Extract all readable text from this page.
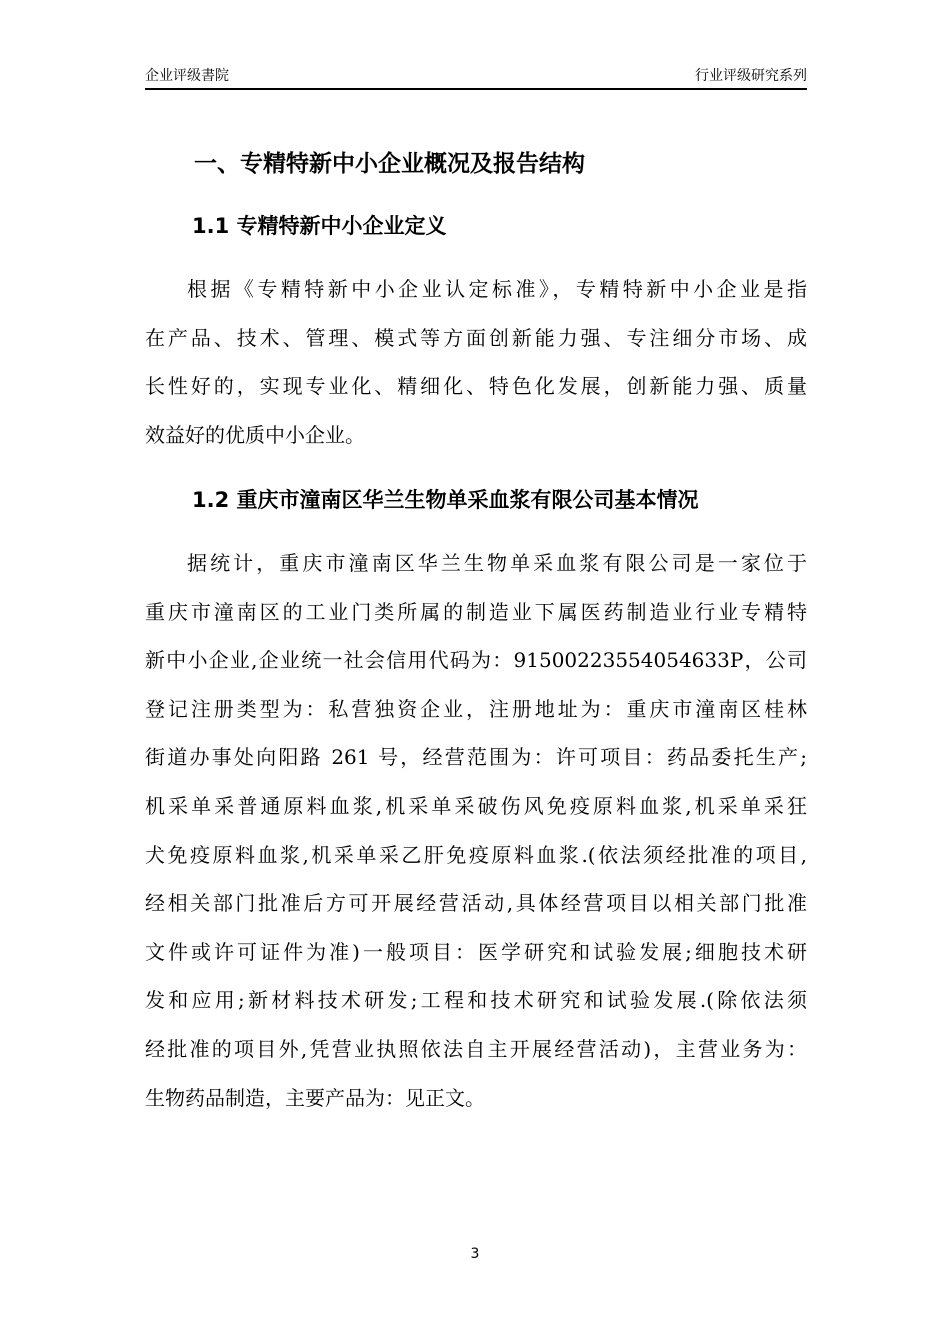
企业评级書院	行业评级研究系列
一、专精特新中小企业概况及报告结构
1.1 专精特新中小企业定义
根据《专精特新中小企业认定标准》，专精特新中小企业是指
在产品、技术、管理、模式等方面创新能力强、专注细分市场、成
长性好的，实现专业化、精细化、特色化发展，创新能力强、质量
效益好的优质中小企业。
1.2 重庆市潼南区华兰生物单采血浆有限公司基本情况
据统计，重庆市潼南区华兰生物单采血浆有限公司是一家位于
重庆市潼南区的工业门类所属的制造业下属医药制造业行业专精特
新中小企业,企业统一社会信用代码为：91500223554054633P，公司
登记注册类型为：私营独资企业，注册地址为：重庆市潼南区桂林
街道办事处向阳路 261 号，经营范围为：许可项目：药品委托生产;
机采单采普通原料血浆,机采单采破伤风免疫原料血浆,机采单采狂
犬免疫原料血浆,机采单采乙肝免疫原料血浆.(依法须经批准的项目,
经相关部门批准后方可开展经营活动,具体经营项目以相关部门批准
文件或许可证件为准)一般项目：医学研究和试验发展;细胞技术研
发和应用;新材料技术研发;工程和技术研究和试验发展.(除依法须
经批准的项目外,凭营业执照依法自主开展经营活动)，主营业务为：
生物药品制造，主要产品为：见正文。
3
